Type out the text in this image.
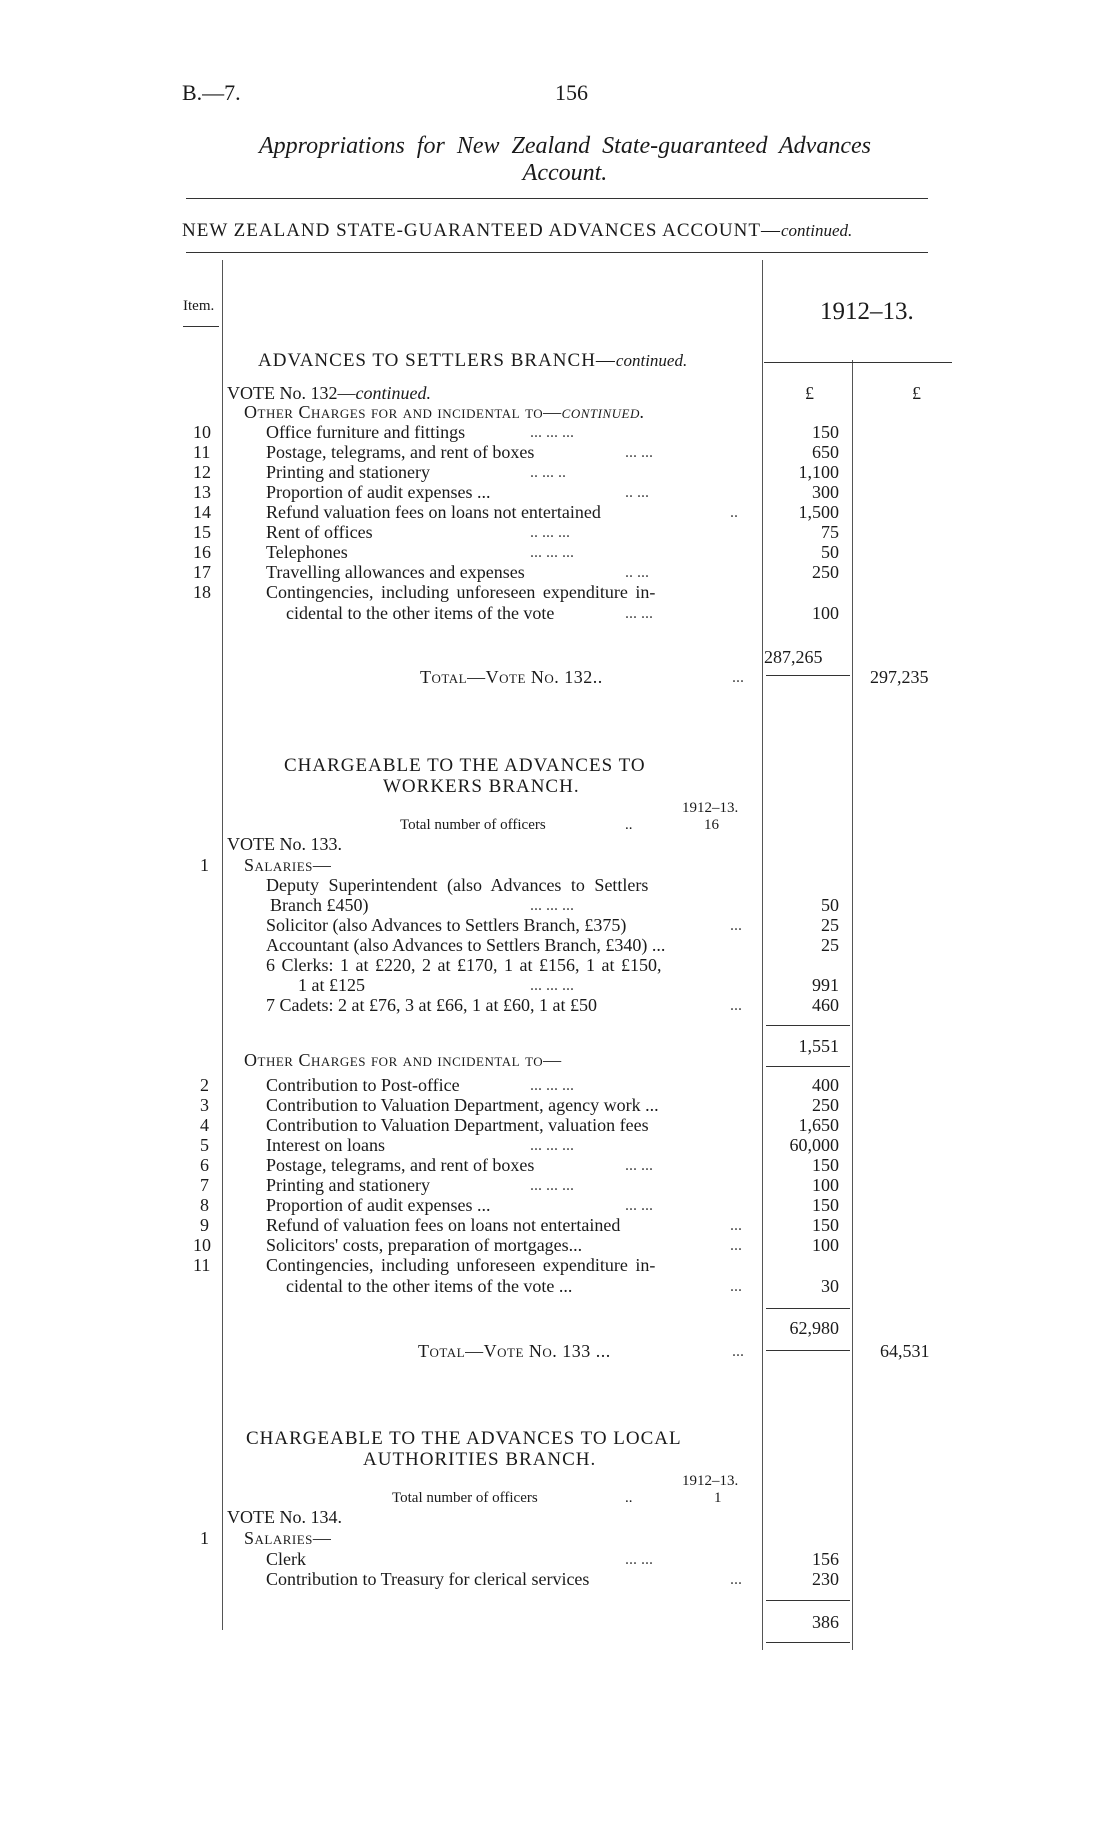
B.—7.	156
Appropriations for New Zealand State-guaranteed Advances
Account.
NEW ZEALAND STATE-GUARANTEED ADVANCES ACCOUNT—continued.
Item.	1912–13.
ADVANCES TO SETTLERS BRANCH—continued.
VOTE No. 132—continued.	£	£
Other Charges for and incidental to—continued.
10	Office furniture and fittings	... ... ...	150
11	Postage, telegrams, and rent of boxes	... ...	650
12	Printing and stationery	.. ... ..	1,100
13	Proportion of audit expenses ...	.. ...	300
14	Refund valuation fees on loans not entertained	..	1,500
15	Rent of offices	.. ... ...	75
16	Telephones	... ... ...	50
17	Travelling allowances and expenses	.. ...	250
18	Contingencies, including unforeseen expenditure in-
cidental to the other items of the vote	... ...	100
287,265
Total—Vote No. 132..	...	297,235
CHARGEABLE TO THE ADVANCES TO
WORKERS BRANCH.
1912–13.
Total number of officers	..	16
VOTE No. 133.
1 Salaries—
Deputy Superintendent (also Advances to Settlers
Branch £450)	... ... ...	50
Solicitor (also Advances to Settlers Branch, £375)	...	25
Accountant (also Advances to Settlers Branch, £340) ...	25
6 Clerks: 1 at £220, 2 at £170, 1 at £156, 1 at £150,
1 at £125	... ... ...	991
7 Cadets: 2 at £76, 3 at £66, 1 at £60, 1 at £50	...	460
1,551
Other Charges for and incidental to—
2	Contribution to Post-office	... ... ...	400
3	Contribution to Valuation Department, agency work ...	250
4	Contribution to Valuation Department, valuation fees	1,650
5	Interest on loans	... ... ...	60,000
6	Postage, telegrams, and rent of boxes	... ...	150
7	Printing and stationery	... ... ...	100
8	Proportion of audit expenses ...	... ...	150
9	Refund of valuation fees on loans not entertained	...	150
10	Solicitors' costs, preparation of mortgages...	...	100
11	Contingencies, including unforeseen expenditure in-
cidental to the other items of the vote ...	...	30
62,980
Total—Vote No. 133 ...	...	64,531
CHARGEABLE TO THE ADVANCES TO LOCAL
AUTHORITIES BRANCH.
1912–13.
Total number of officers	..	1
VOTE No. 134.
1 Salaries—
Clerk	... ...	156
Contribution to Treasury for clerical services	...	230
386
